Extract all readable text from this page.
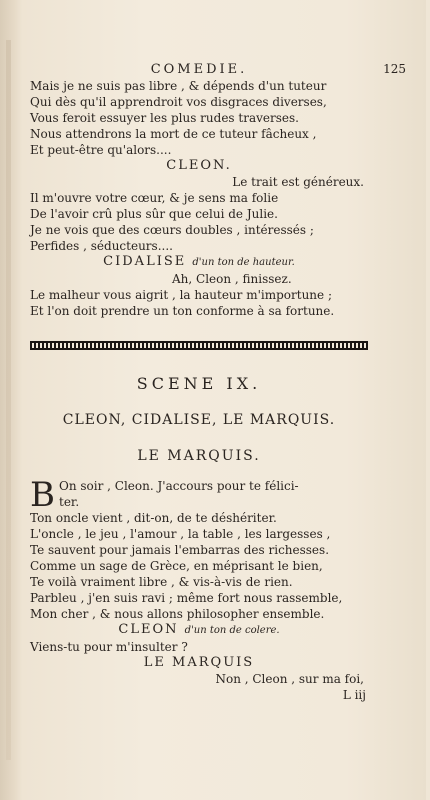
COMEDIE.	125
Mais je ne suis pas libre , & dépends d'un tuteur
Qui dès qu'il apprendroit vos disgraces diverses,
Vous feroit essuyer les plus rudes traverses.
Nous attendrons la mort de ce tuteur fâcheux ,
Et peut-être qu'alors....
CLEON.
Le trait est généreux.
Il m'ouvre votre cœur, & je sens ma folie
De l'avoir crû plus sûr que celui de Julie.
Je ne vois que des cœurs doubles , intéressés ;
Perfides , séducteurs....
CIDALISE d'un ton de hauteur.
Ah, Cleon , finissez.
Le malheur vous aigrit , la hauteur m'importune ;
Et l'on doit prendre un ton conforme à sa fortune.
SCENE IX.
CLEON, CIDALISE, LE MARQUIS.
LE MARQUIS.
B On soir , Cleon. J'accours pour te félici-
ter.
Ton oncle vient , dit-on, de te déshériter.
L'oncle , le jeu , l'amour , la table , les largesses ,
Te sauvent pour jamais l'embarras des richesses.
Comme un sage de Grèce, en méprisant le bien,
Te voilà vraiment libre , & vis-à-vis de rien.
Parbleu , j'en suis ravi ; même fort nous rassemble,
Mon cher , & nous allons philosopher ensemble.
CLEON d'un ton de colere.
Viens-tu pour m'insulter ?
LE MARQUIS
Non , Cleon , sur ma foi,
L iij
